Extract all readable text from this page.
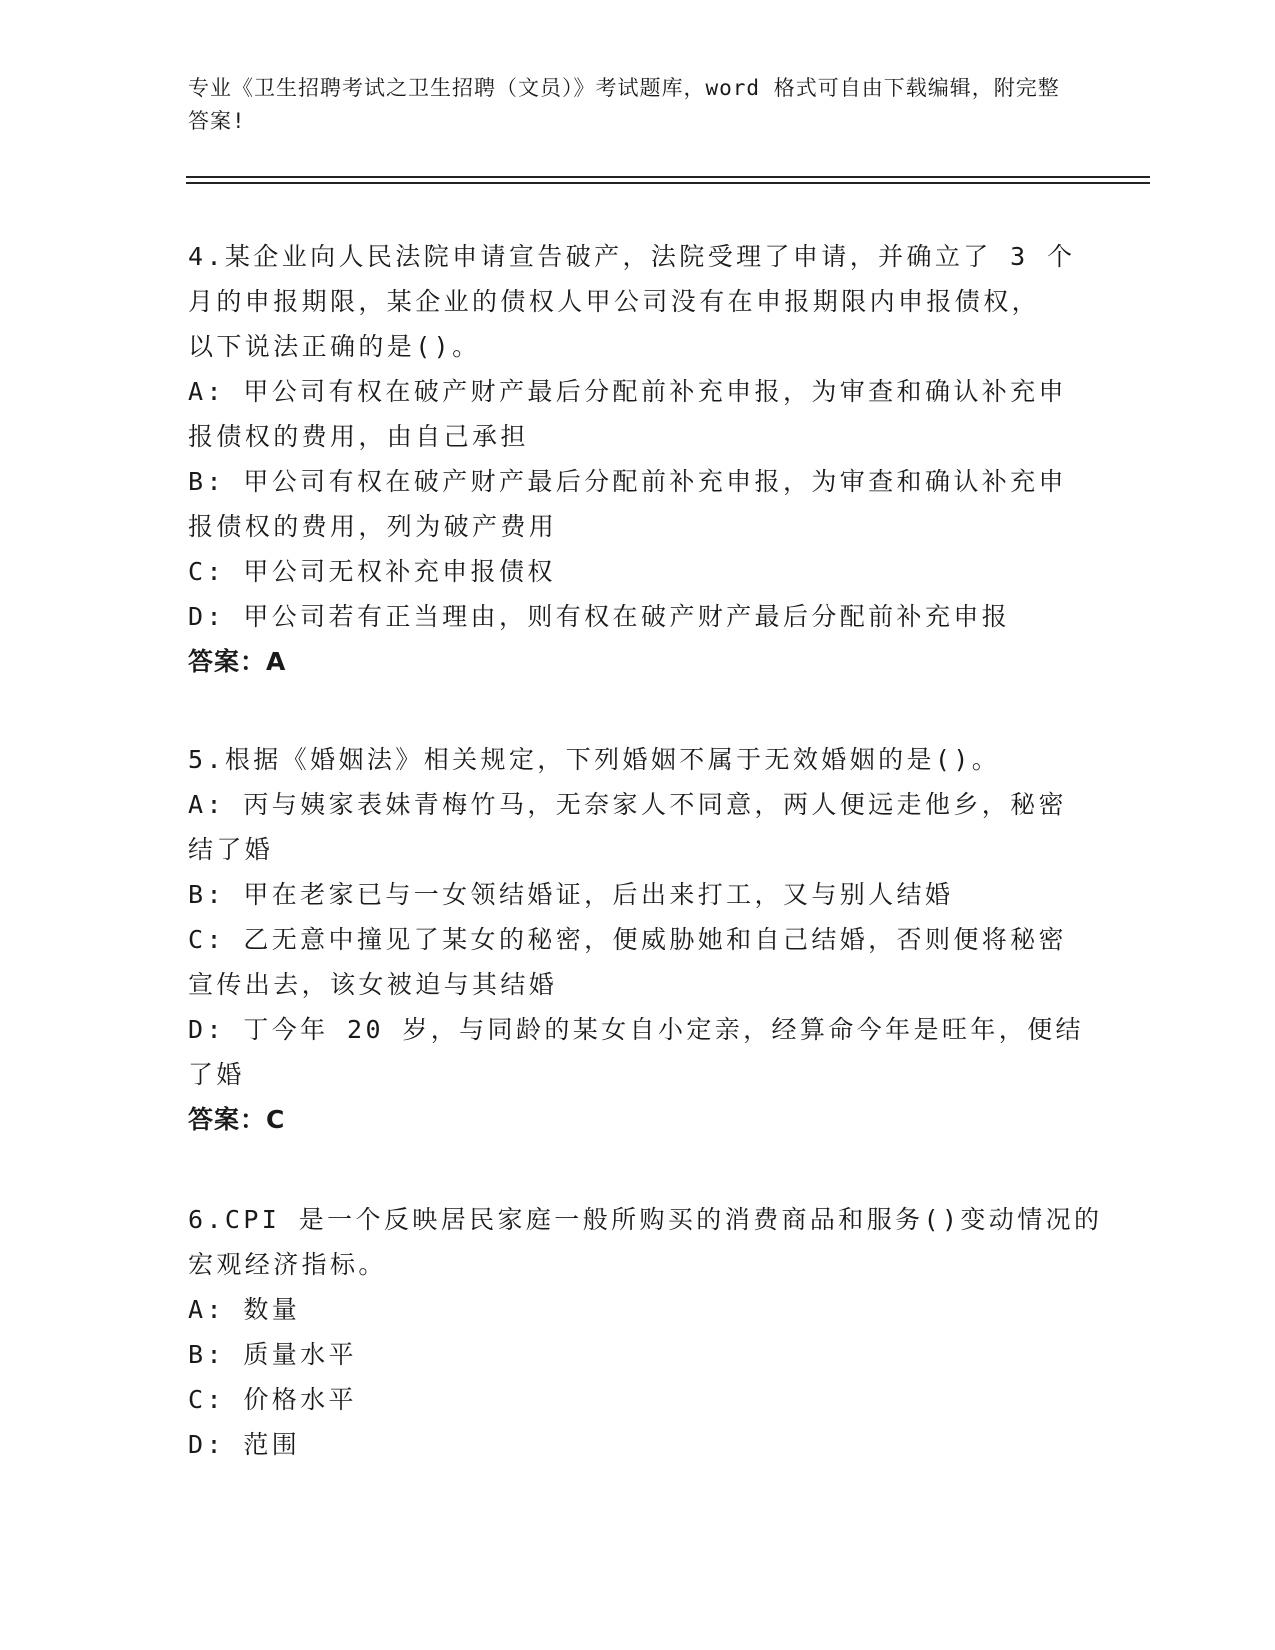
专业《卫生招聘考试之卫生招聘（文员）》考试题库，word 格式可自由下载编辑，附完整答案!
4.某企业向人民法院申请宣告破产，法院受理了申请，并确立了 3 个
月的申报期限，某企业的债权人甲公司没有在申报期限内申报债权，
以下说法正确的是()。
A: 甲公司有权在破产财产最后分配前补充申报，为审查和确认补充申
报债权的费用，由自己承担
B: 甲公司有权在破产财产最后分配前补充申报，为审查和确认补充申
报债权的费用，列为破产费用
C: 甲公司无权补充申报债权
D: 甲公司若有正当理由，则有权在破产财产最后分配前补充申报
答案：A
5.根据《婚姻法》相关规定，下列婚姻不属于无效婚姻的是()。
A: 丙与姨家表妹青梅竹马，无奈家人不同意，两人便远走他乡，秘密
结了婚
B: 甲在老家已与一女领结婚证，后出来打工，又与别人结婚
C: 乙无意中撞见了某女的秘密，便威胁她和自己结婚，否则便将秘密
宣传出去，该女被迫与其结婚
D: 丁今年 20 岁，与同龄的某女自小定亲，经算命今年是旺年，便结
了婚
答案：C
6.CPI 是一个反映居民家庭一般所购买的消费商品和服务()变动情况的
宏观经济指标。
A: 数量
B: 质量水平
C: 价格水平
D: 范围
